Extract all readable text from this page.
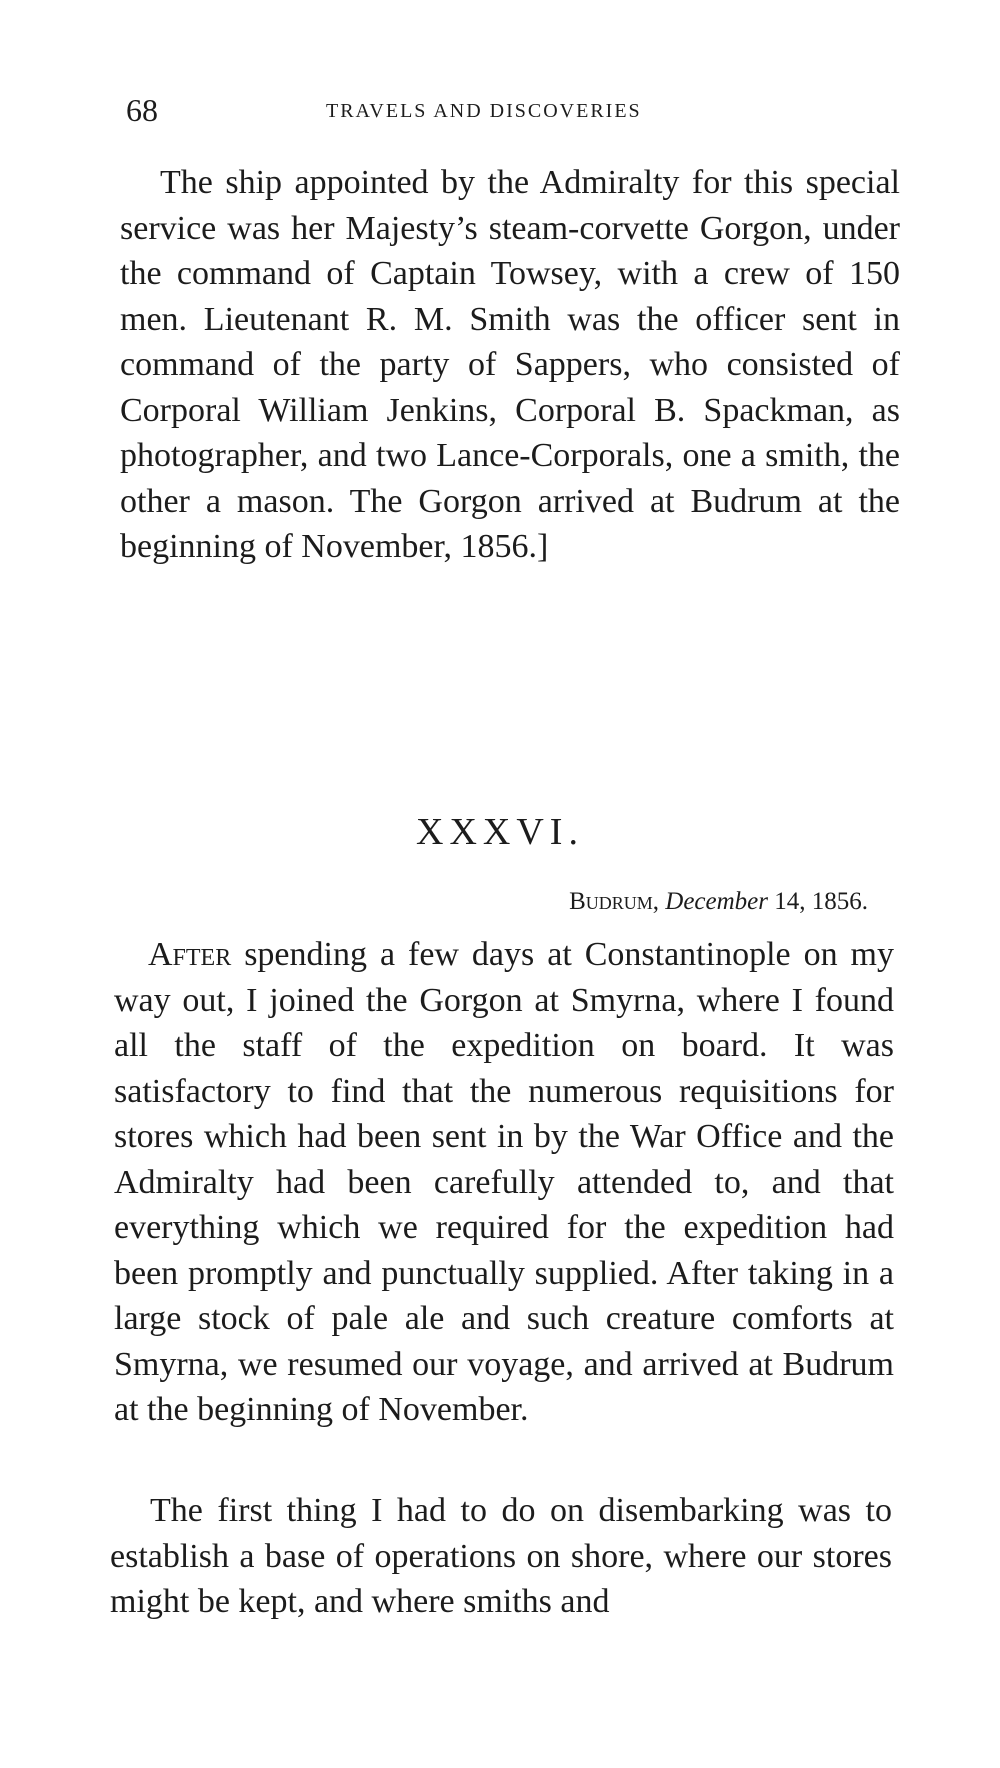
68	TRAVELS AND DISCOVERIES

The ship appointed by the Admiralty for this special service was her Majesty’s steam-corvette Gorgon, under the command of Captain Towsey, with a crew of 150 men. Lieutenant R. M. Smith was the officer sent in command of the party of Sappers, who consisted of Corporal William Jenkins, Corporal B. Spackman, as photographer, and two Lance-Corporals, one a smith, the other a mason. The Gorgon arrived at Budrum at the beginning of November, 1856.]

XXXVI.
Budrum, December 14, 1856.

After spending a few days at Constantinople on my way out, I joined the Gorgon at Smyrna, where I found all the staff of the expedition on board. It was satisfactory to find that the numerous requisitions for stores which had been sent in by the War Office and the Admiralty had been carefully attended to, and that everything which we required for the expedition had been promptly and punctually supplied. After taking in a large stock of pale ale and such creature comforts at Smyrna, we resumed our voyage, and arrived at Budrum at the beginning of November.

The first thing I had to do on disembarking was to establish a base of operations on shore, where our stores might be kept, and where smiths and
